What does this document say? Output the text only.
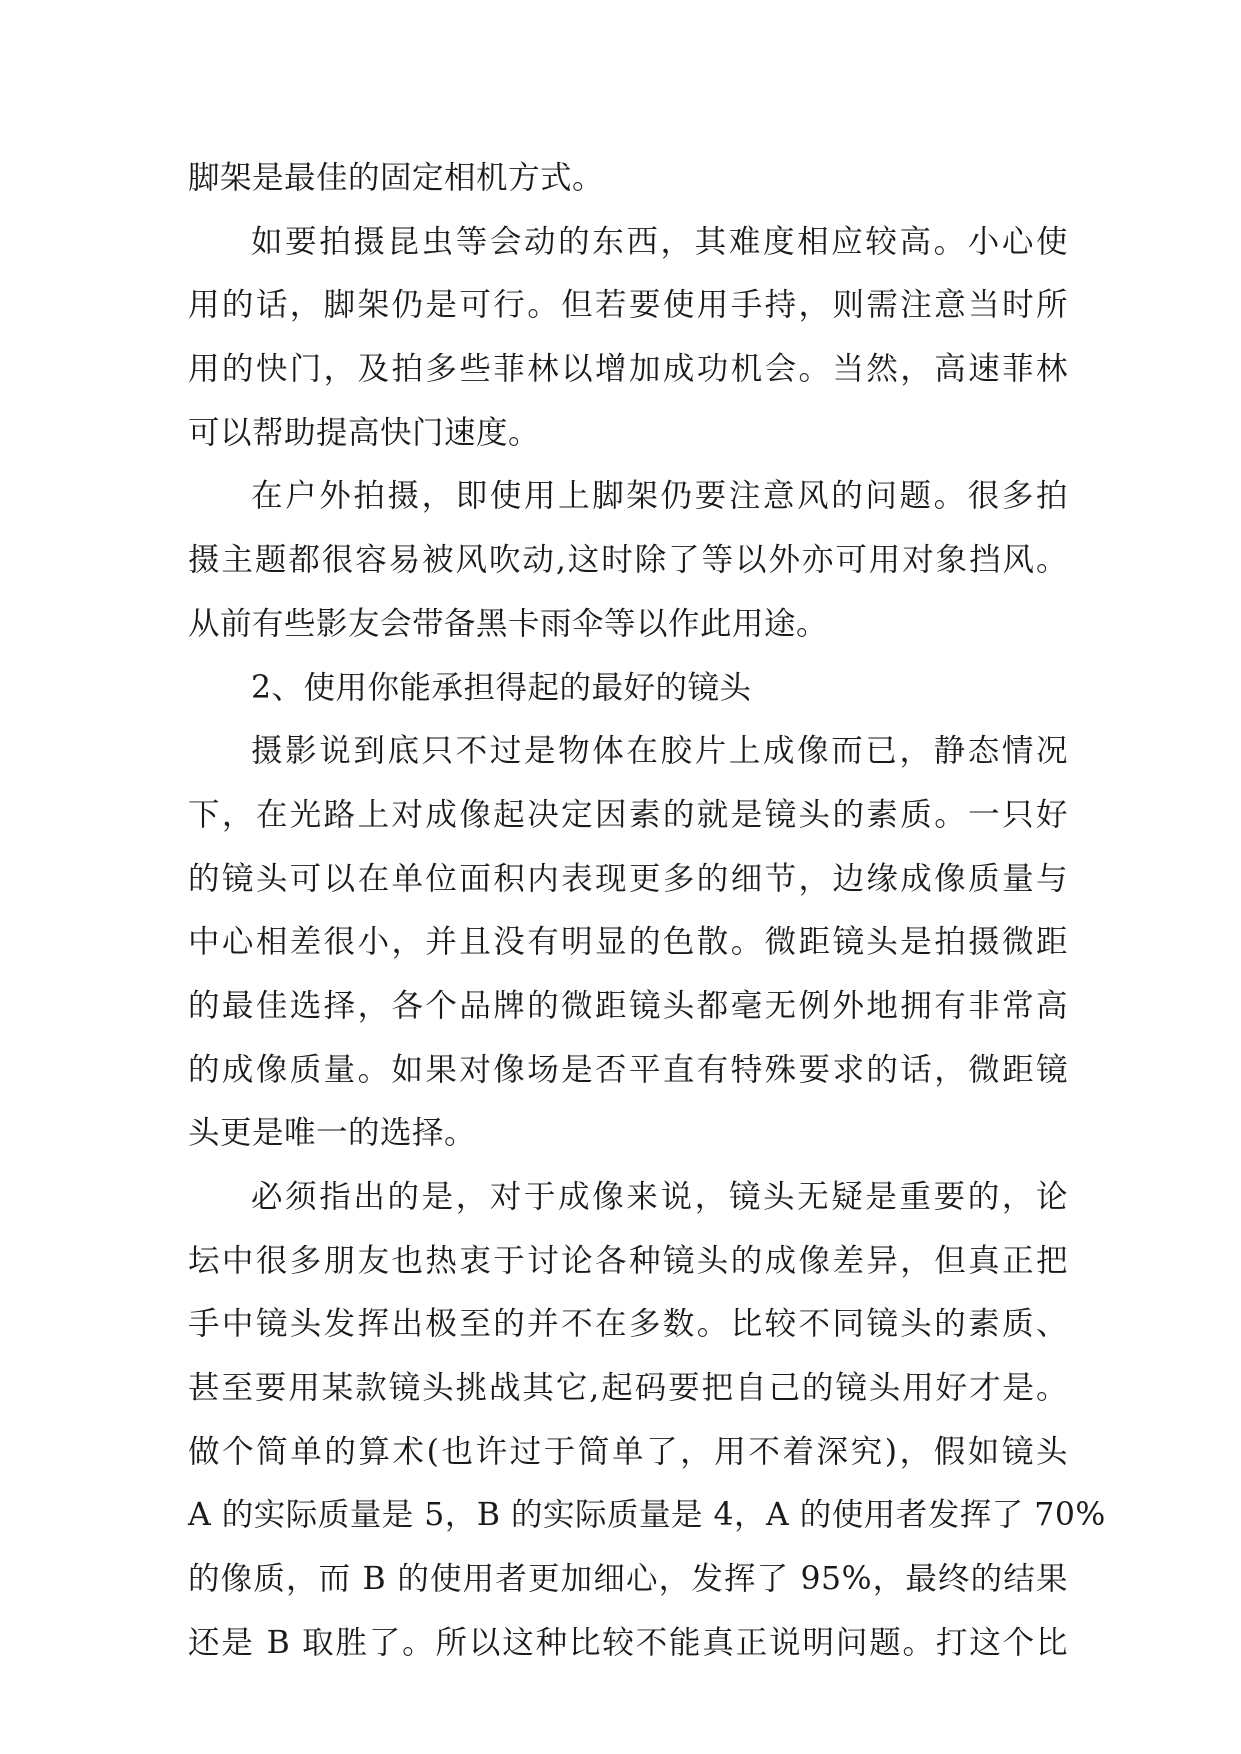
脚架是最佳的固定相机方式。
如要拍摄昆虫等会动的东西，其难度相应较高。小心使
用的话，脚架仍是可行。但若要使用手持，则需注意当时所
用的快门，及拍多些菲林以增加成功机会。当然，高速菲林
可以帮助提高快门速度。
在户外拍摄，即使用上脚架仍要注意风的问题。很多拍
摄主题都很容易被风吹动,这时除了等以外亦可用对象挡风。
从前有些影友会带备黑卡雨伞等以作此用途。
2、使用你能承担得起的最好的镜头
摄影说到底只不过是物体在胶片上成像而已，静态情况
下，在光路上对成像起决定因素的就是镜头的素质。一只好
的镜头可以在单位面积内表现更多的细节，边缘成像质量与
中心相差很小，并且没有明显的色散。微距镜头是拍摄微距
的最佳选择，各个品牌的微距镜头都毫无例外地拥有非常高
的成像质量。如果对像场是否平直有特殊要求的话，微距镜
头更是唯一的选择。
必须指出的是，对于成像来说，镜头无疑是重要的，论
坛中很多朋友也热衷于讨论各种镜头的成像差异，但真正把
手中镜头发挥出极至的并不在多数。比较不同镜头的素质、
甚至要用某款镜头挑战其它,起码要把自己的镜头用好才是。
做个简单的算术(也许过于简单了，用不着深究)，假如镜头
A 的实际质量是 5，B 的实际质量是 4，A 的使用者发挥了 70%
的像质，而 B 的使用者更加细心，发挥了 95%，最终的结果
还是 B 取胜了。所以这种比较不能真正说明问题。打这个比
